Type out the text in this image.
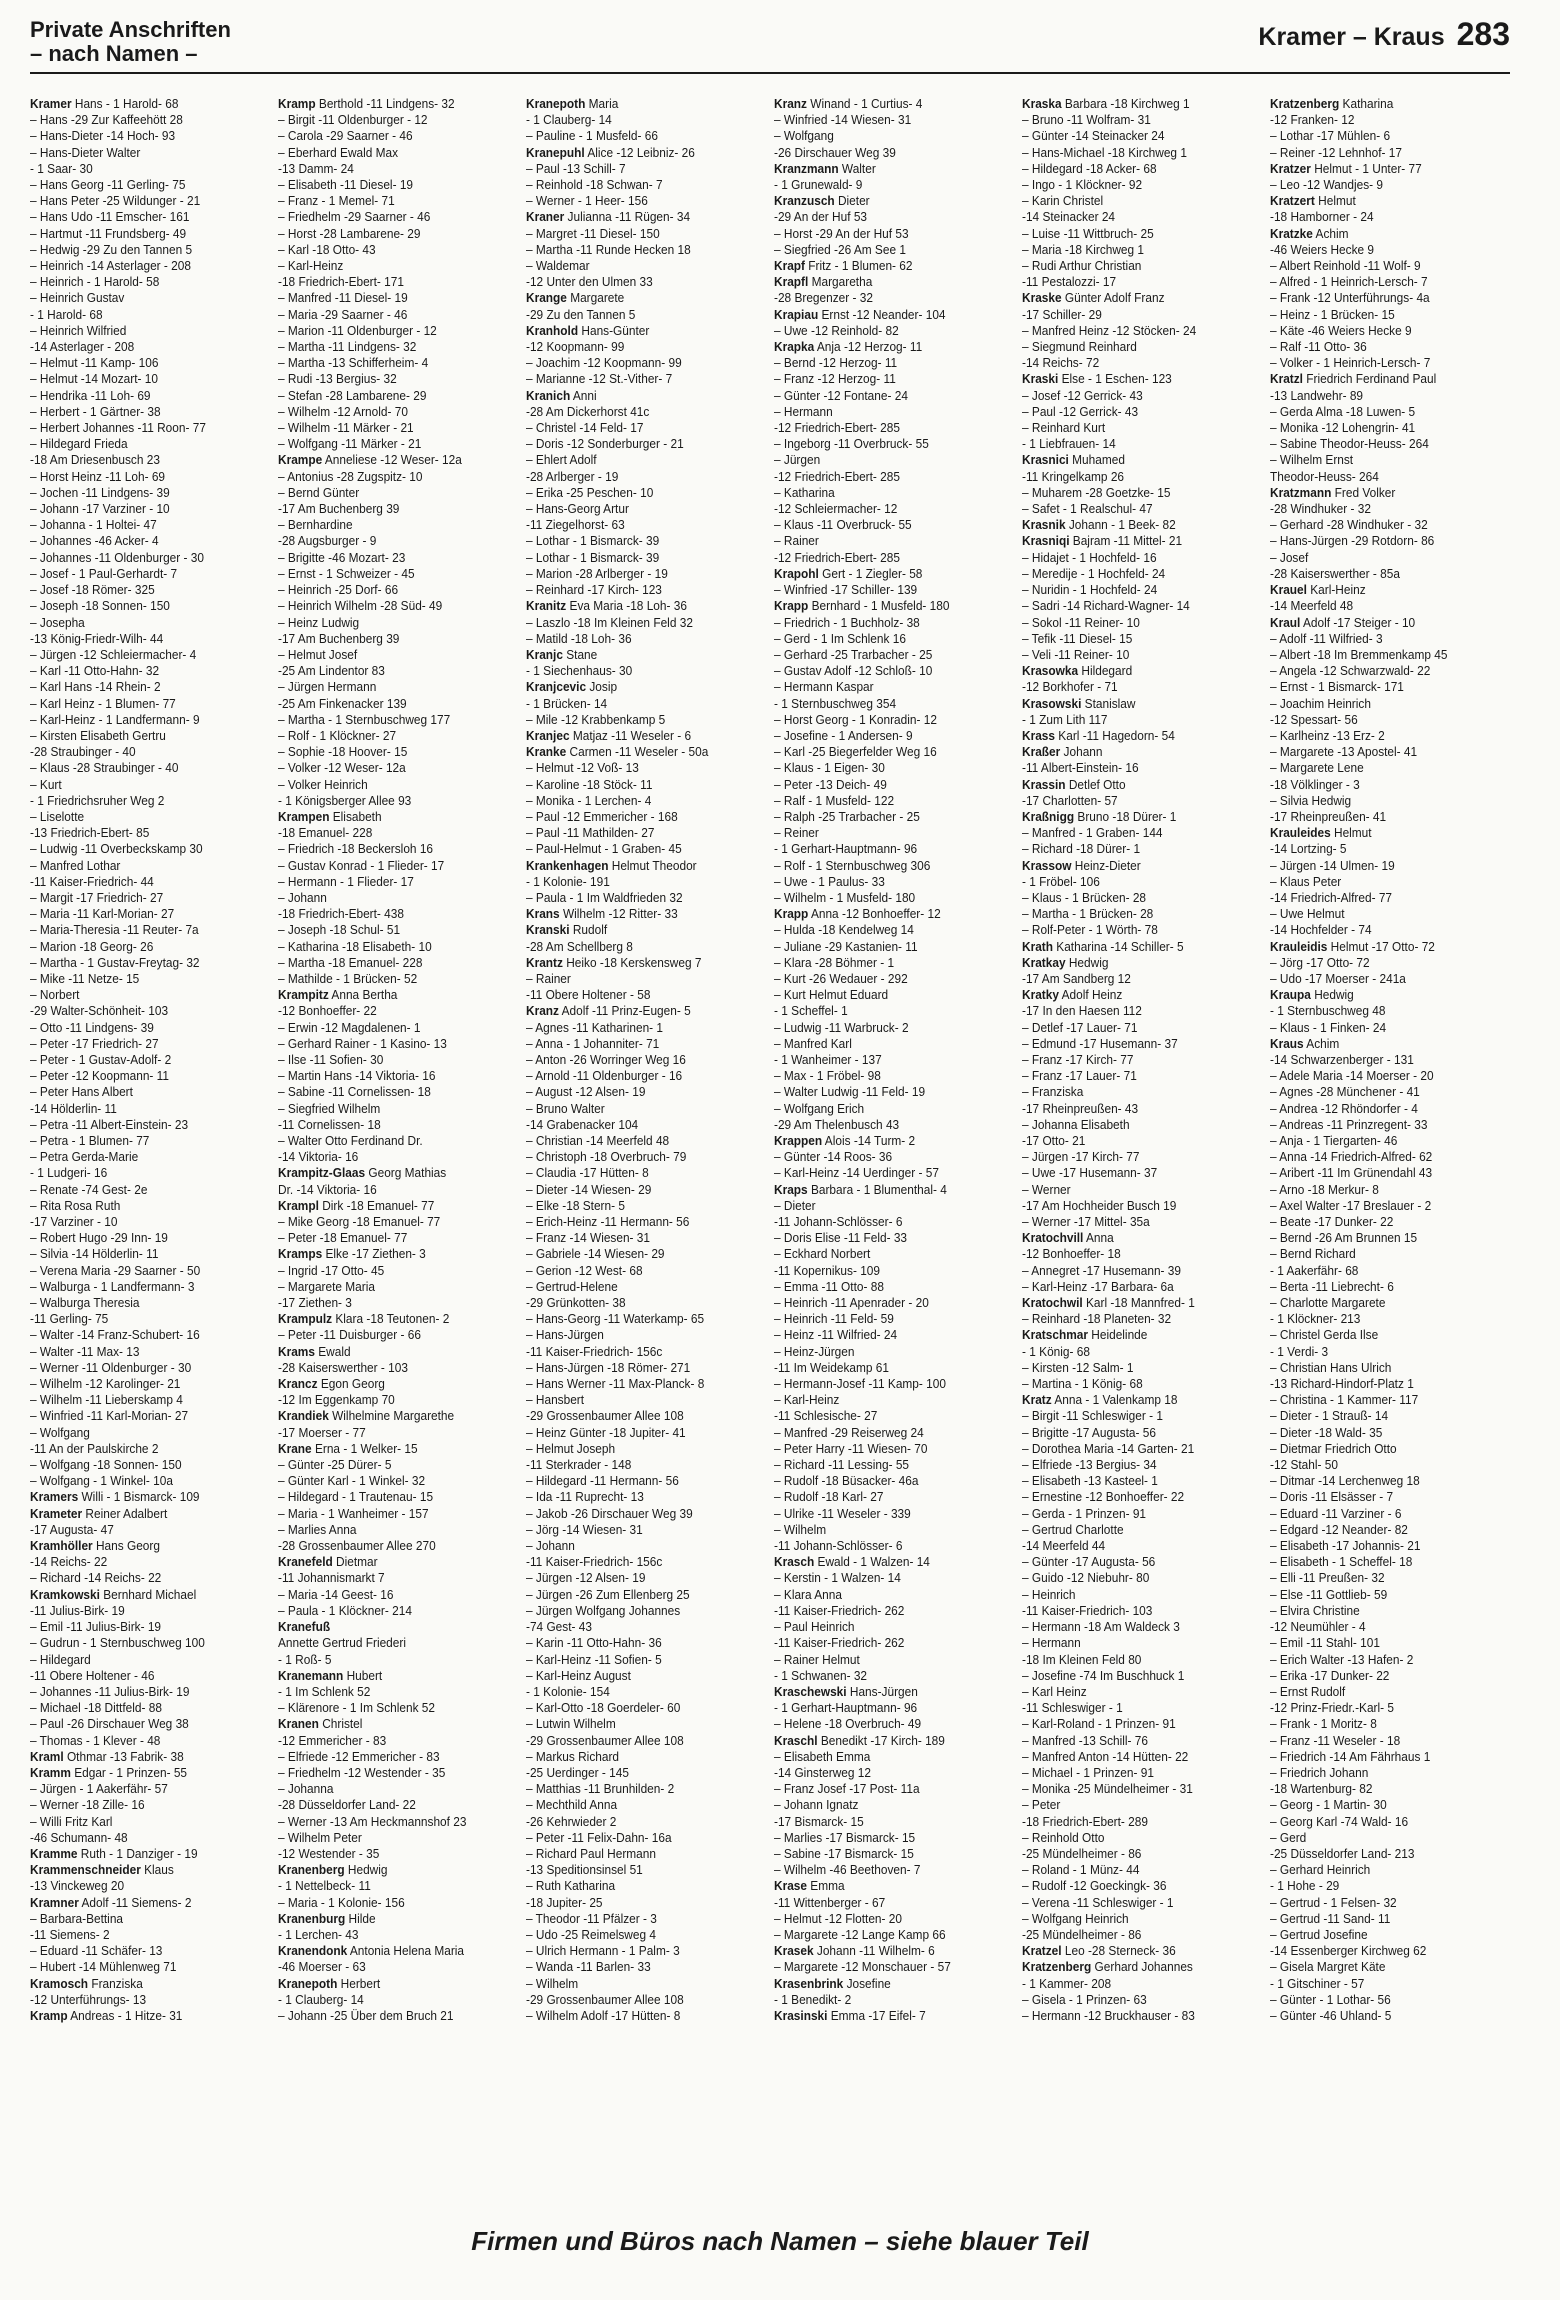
Private Anschriften
– nach Namen –
Kramer – Kraus 283
Kramer Hans - 1 Harold- 68
– Hans -29 Zur Kaffeehött 28
– Hans-Dieter -14 Hoch- 93
– Hans-Dieter Walter
- 1 Saar- 30
– Hans Georg -11 Gerling- 75
– Hans Peter -25 Wildunger - 21
– Hans Udo -11 Emscher- 161
– Hartmut -11 Frundsberg- 49
– Hedwig -29 Zu den Tannen 5
– Heinrich -14 Asterlager - 208
– Heinrich - 1 Harold- 58
– Heinrich Gustav
- 1 Harold- 68
– Heinrich Wilfried
-14 Asterlager - 208
– Helmut -11 Kamp- 106
– Helmut -14 Mozart- 10
– Hendrika -11 Loh- 69
– Herbert - 1 Gärtner- 38
– Herbert Johannes -11 Roon- 77
– Hildegard Frieda
-18 Am Driesenbusch 23
– Horst Heinz -11 Loh- 69
– Jochen -11 Lindgens- 39
– Johann -17 Varziner - 10
– Johanna - 1 Holtei- 47
– Johannes -46 Acker- 4
– Johannes -11 Oldenburger - 30
– Josef - 1 Paul-Gerhardt- 7
– Josef -18 Römer- 325
– Joseph -18 Sonnen- 150
– Josepha
-13 König-Friedr-Wilh- 44
– Jürgen -12 Schleiermacher- 4
– Karl -11 Otto-Hahn- 32
– Karl Hans -14 Rhein- 2
– Karl Heinz - 1 Blumen- 77
– Karl-Heinz - 1 Landfermann- 9
– Kirsten Elisabeth Gertru
-28 Straubinger - 40
– Klaus -28 Straubinger - 40
– Kurt
- 1 Friedrichsruher Weg 2
– Liselotte
-13 Friedrich-Ebert- 85
– Ludwig -11 Overbeckskamp 30
– Manfred Lothar
-11 Kaiser-Friedrich- 44
– Margit -17 Friedrich- 27
– Maria -11 Karl-Morian- 27
– Maria-Theresia -11 Reuter- 7a
– Marion -18 Georg- 26
– Martha - 1 Gustav-Freytag- 32
– Mike -11 Netze- 15
– Norbert
-29 Walter-Schönheit- 103
– Otto -11 Lindgens- 39
– Peter -17 Friedrich- 27
– Peter - 1 Gustav-Adolf- 2
– Peter -12 Koopmann- 11
– Peter Hans Albert
-14 Hölderlin- 11
– Petra -11 Albert-Einstein- 23
– Petra - 1 Blumen- 77
– Petra Gerda-Marie
- 1 Ludgeri- 16
– Renate -74 Gest- 2e
– Rita Rosa Ruth
-17 Varziner - 10
– Robert Hugo -29 Inn- 19
– Silvia -14 Hölderlin- 11
– Verena Maria -29 Saarner - 50
– Walburga - 1 Landfermann- 3
– Walburga Theresia
-11 Gerling- 75
– Walter -14 Franz-Schubert- 16
– Walter -11 Max- 13
– Werner -11 Oldenburger - 30
– Wilhelm -12 Karolinger- 21
– Wilhelm -11 Lieberskamp 4
– Winfried -11 Karl-Morian- 27
– Wolfgang
-11 An der Paulskirche 2
– Wolfgang -18 Sonnen- 150
– Wolfgang - 1 Winkel- 10a
Kramers Willi - 1 Bismarck- 109
Krameter Reiner Adalbert
-17 Augusta- 47
Kramhöller Hans Georg
-14 Reichs- 22
– Richard -14 Reichs- 22
Kramkowski Bernhard Michael
-11 Julius-Birk- 19
– Emil -11 Julius-Birk- 19
– Gudrun - 1 Sternbuschweg 100
– Hildegard
-11 Obere Holtener - 46
– Johannes -11 Julius-Birk- 19
– Michael -18 Dittfeld- 88
– Paul -26 Dirschauer Weg 38
– Thomas - 1 Klever - 48
Kraml Othmar -13 Fabrik- 38
Kramm Edgar - 1 Prinzen- 55
– Jürgen - 1 Aakerfähr- 57
– Werner -18 Zille- 16
– Willi Fritz Karl
-46 Schumann- 48
Kramme Ruth - 1 Danziger - 19
Krammenschneider Klaus
-13 Vinckeweg 20
Kramner Adolf -11 Siemens- 2
– Barbara-Bettina
-11 Siemens- 2
– Eduard -11 Schäfer- 13
– Hubert -14 Mühlenweg 71
Kramosch Franziska
-12 Unterführungs- 13
Kramp Andreas - 1 Hitze- 31
Kramp Berthold -11 Lindgens- 32
– Birgit -11 Oldenburger - 12
– Carola -29 Saarner - 46
– Eberhard Ewald Max
-13 Damm- 24
– Elisabeth -11 Diesel- 19
– Franz - 1 Memel- 71
– Friedhelm -29 Saarner - 46
– Horst -28 Lambarene- 29
– Karl -18 Otto- 43
– Karl-Heinz
-18 Friedrich-Ebert- 171
– Manfred -11 Diesel- 19
– Maria -29 Saarner - 46
– Marion -11 Oldenburger - 12
– Martha -11 Lindgens- 32
– Martha -13 Schifferheim- 4
– Rudi -13 Bergius- 32
– Stefan -28 Lambarene- 29
– Wilhelm -12 Arnold- 70
– Wilhelm -11 Märker - 21
– Wolfgang -11 Märker - 21
Krampe Anneliese -12 Weser- 12a
– Antonius -28 Zugspitz- 10
– Bernd Günter
-17 Am Buchenberg 39
– Bernhardine
-28 Augsburger - 9
– Brigitte -46 Mozart- 23
– Ernst - 1 Schweizer - 45
– Heinrich -25 Dorf- 66
– Heinrich Wilhelm -28 Süd- 49
– Heinz Ludwig
-17 Am Buchenberg 39
– Helmut Josef
-25 Am Lindentor 83
– Jürgen Hermann
-25 Am Finkenacker 139
– Martha - 1 Sternbuschweg 177
– Rolf - 1 Klöckner- 27
– Sophie -18 Hoover- 15
– Volker -12 Weser- 12a
– Volker Heinrich
- 1 Königsberger Allee 93
Krampen Elisabeth
-18 Emanuel- 228
– Friedrich -18 Beckersloh 16
– Gustav Konrad - 1 Flieder- 17
– Hermann - 1 Flieder- 17
– Johann
-18 Friedrich-Ebert- 438
– Joseph -18 Schul- 51
– Katharina -18 Elisabeth- 10
– Martha -18 Emanuel- 228
– Mathilde - 1 Brücken- 52
Krampitz Anna Bertha
-12 Bonhoeffer- 22
– Erwin -12 Magdalenen- 1
– Gerhard Rainer - 1 Kasino- 13
– Ilse -11 Sofien- 30
– Martin Hans -14 Viktoria- 16
– Sabine -11 Cornelissen- 18
– Siegfried Wilhelm
-11 Cornelissen- 18
– Walter Otto Ferdinand Dr.
-14 Viktoria- 16
Krampitz-Glaas Georg Mathias
Dr. -14 Viktoria- 16
Krampl Dirk -18 Emanuel- 77
– Mike Georg -18 Emanuel- 77
– Peter -18 Emanuel- 77
Kramps Elke -17 Ziethen- 3
– Ingrid -17 Otto- 45
– Margarete Maria
-17 Ziethen- 3
Krampulz Klara -18 Teutonen- 2
– Peter -11 Duisburger - 66
Krams Ewald
-28 Kaiserswerther - 103
Krancz Egon Georg
-12 Im Eggenkamp 70
Krandiek Wilhelmine Margarethe
-17 Moerser - 77
Krane Erna - 1 Welker- 15
– Günter -25 Dürer- 5
– Günter Karl - 1 Winkel- 32
– Hildegard - 1 Trautenau- 15
– Maria - 1 Wanheimer - 157
– Marlies Anna
-28 Grossenbaumer Allee 270
Kranefeld Dietmar
-11 Johannismarkt 7
– Maria -14 Geest- 16
– Paula - 1 Klöckner- 214
Kranefuß
Annette Gertrud Friederi
- 1 Roß- 5
Kranemann Hubert
- 1 Im Schlenk 52
– Klärenore - 1 Im Schlenk 52
Kranen Christel
-12 Emmericher - 83
– Elfriede -12 Emmericher - 83
– Friedhelm -12 Westender - 35
– Johanna
-28 Düsseldorfer Land- 22
– Werner -13 Am Heckmannshof 23
– Wilhelm Peter
-12 Westender - 35
Kranenberg Hedwig
- 1 Nettelbeck- 11
– Maria - 1 Kolonie- 156
Kranenburg Hilde
- 1 Lerchen- 43
Kranendonk Antonia Helena Maria
-46 Moerser - 63
Kranepoth Herbert
- 1 Clauberg- 14
– Johann -25 Über dem Bruch 21
Kranepoth Maria
- 1 Clauberg- 14
– Pauline - 1 Musfeld- 66
Kranepuhl Alice -12 Leibniz- 26
– Paul -13 Schill- 7
– Reinhold -18 Schwan- 7
– Werner - 1 Heer- 156
Kraner Julianna -11 Rügen- 34
– Margret -11 Diesel- 150
– Martha -11 Runde Hecken 18
– Waldemar
-12 Unter den Ulmen 33
Krange Margarete
-29 Zu den Tannen 5
Kranhold Hans-Günter
-12 Koopmann- 99
– Joachim -12 Koopmann- 99
– Marianne -12 St.-Vither- 7
Kranich Anni
-28 Am Dickerhorst 41c
– Christel -14 Feld- 17
– Doris -12 Sonderburger - 21
– Ehlert Adolf
-28 Arlberger - 19
– Erika -25 Peschen- 10
– Hans-Georg Artur
-11 Ziegelhorst- 63
– Lothar - 1 Bismarck- 39
– Lothar - 1 Bismarck- 39
– Marion -28 Arlberger - 19
– Reinhard -17 Kirch- 123
Kranitz Eva Maria -18 Loh- 36
– Laszlo -18 Im Kleinen Feld 32
– Matild -18 Loh- 36
Kranjc Stane
- 1 Siechenhaus- 30
Kranjcevic Josip
- 1 Brücken- 14
– Mile -12 Krabbenkamp 5
Kranjec Matjaz -11 Weseler - 6
Kranke Carmen -11 Weseler - 50a
– Helmut -12 Voß- 13
– Karoline -18 Stöck- 11
– Monika - 1 Lerchen- 4
– Paul -12 Emmericher - 168
– Paul -11 Mathilden- 27
– Paul-Helmut - 1 Graben- 45
Krankenhagen Helmut Theodor
- 1 Kolonie- 191
– Paula - 1 Im Waldfrieden 32
Krans Wilhelm -12 Ritter- 33
Kranski Rudolf
-28 Am Schellberg 8
Krantz Heiko -18 Kerskensweg 7
– Rainer
-11 Obere Holtener - 58
Kranz Adolf -11 Prinz-Eugen- 5
– Agnes -11 Katharinen- 1
– Anna - 1 Johanniter- 71
– Anton -26 Worringer Weg 16
– Arnold -11 Oldenburger - 16
– August -12 Alsen- 19
– Bruno Walter
-14 Grabenacker 104
– Christian -14 Meerfeld 48
– Christoph -18 Overbruch- 79
– Claudia -17 Hütten- 8
– Dieter -14 Wiesen- 29
– Elke -18 Stern- 5
– Erich-Heinz -11 Hermann- 56
– Franz -14 Wiesen- 31
– Gabriele -14 Wiesen- 29
– Gerion -12 West- 68
– Gertrud-Helene
-29 Grünkotten- 38
– Hans-Georg -11 Waterkamp- 65
– Hans-Jürgen
-11 Kaiser-Friedrich- 156c
– Hans-Jürgen -18 Römer- 271
– Hans Werner -11 Max-Planck- 8
– Hansbert
-29 Grossenbaumer Allee 108
– Heinz Günter -18 Jupiter- 41
– Helmut Joseph
-11 Sterkrader - 148
– Hildegard -11 Hermann- 56
– Ida -11 Ruprecht- 13
– Jakob -26 Dirschauer Weg 39
– Jörg -14 Wiesen- 31
– Johann
-11 Kaiser-Friedrich- 156c
– Jürgen -12 Alsen- 19
– Jürgen -26 Zum Ellenberg 25
– Jürgen Wolfgang Johannes
-74 Gest- 43
– Karin -11 Otto-Hahn- 36
– Karl-Heinz -11 Sofien- 5
– Karl-Heinz August
- 1 Kolonie- 154
– Karl-Otto -18 Goerdeler- 60
– Lutwin Wilhelm
-29 Grossenbaumer Allee 108
– Markus Richard
-25 Uerdinger - 145
– Matthias -11 Brunhilden- 2
– Mechthild Anna
-26 Kehrwieder 2
– Peter -11 Felix-Dahn- 16a
– Richard Paul Hermann
-13 Speditionsinsel 51
– Ruth Katharina
-18 Jupiter- 25
– Theodor -11 Pfälzer - 3
– Udo -25 Reimelsweg 4
– Ulrich Hermann - 1 Palm- 3
– Wanda -11 Barlen- 33
– Wilhelm
-29 Grossenbaumer Allee 108
– Wilhelm Adolf -17 Hütten- 8
Kranz Winand - 1 Curtius- 4
– Winfried -14 Wiesen- 31
– Wolfgang
-26 Dirschauer Weg 39
Kranzmann Walter
- 1 Grunewald- 9
Kranzusch Dieter
-29 An der Huf 53
– Horst -29 An der Huf 53
– Siegfried -26 Am See 1
Krapf Fritz - 1 Blumen- 62
Krapfl Margaretha
-28 Bregenzer - 32
Krapiau Ernst -12 Neander- 104
– Uwe -12 Reinhold- 82
Krapka Anja -12 Herzog- 11
– Bernd -12 Herzog- 11
– Franz -12 Herzog- 11
– Günter -12 Fontane- 24
– Hermann
-12 Friedrich-Ebert- 285
– Ingeborg -11 Overbruck- 55
– Jürgen
-12 Friedrich-Ebert- 285
– Katharina
-12 Schleiermacher- 12
– Klaus -11 Overbruck- 55
– Rainer
-12 Friedrich-Ebert- 285
Krapohl Gert - 1 Ziegler- 58
– Winfried -17 Schiller- 139
Krapp Bernhard - 1 Musfeld- 180
– Friedrich - 1 Buchholz- 38
– Gerd - 1 Im Schlenk 16
– Gerhard -25 Trarbacher - 25
– Gustav Adolf -12 Schloß- 10
– Hermann Kaspar
- 1 Sternbuschweg 354
– Horst Georg - 1 Konradin- 12
– Josefine - 1 Andersen- 9
– Karl -25 Biegerfelder Weg 16
– Klaus - 1 Eigen- 30
– Peter -13 Deich- 49
– Ralf - 1 Musfeld- 122
– Ralph -25 Trarbacher - 25
– Reiner
- 1 Gerhart-Hauptmann- 96
– Rolf - 1 Sternbuschweg 306
– Uwe - 1 Paulus- 33
– Wilhelm - 1 Musfeld- 180
Krapp Anna -12 Bonhoeffer- 12
– Hulda -18 Kendelweg 14
– Juliane -29 Kastanien- 11
– Klara -28 Böhmer - 1
– Kurt -26 Wedauer - 292
– Kurt Helmut Eduard
- 1 Scheffel- 1
– Ludwig -11 Warbruck- 2
– Manfred Karl
- 1 Wanheimer - 137
– Max - 1 Fröbel- 98
– Walter Ludwig -11 Feld- 19
– Wolfgang Erich
-29 Am Thelenbusch 43
Krappen Alois -14 Turm- 2
– Günter -14 Roos- 36
– Karl-Heinz -14 Uerdinger - 57
Kraps Barbara - 1 Blumenthal- 4
– Dieter
-11 Johann-Schlösser- 6
– Doris Elise -11 Feld- 33
– Eckhard Norbert
-11 Kopernikus- 109
– Emma -11 Otto- 88
– Heinrich -11 Apenrader - 20
– Heinrich -11 Feld- 59
– Heinz -11 Wilfried- 24
– Heinz-Jürgen
-11 Im Weidekamp 61
– Hermann-Josef -11 Kamp- 100
– Karl-Heinz
-11 Schlesische- 27
– Manfred -29 Reiserweg 24
– Peter Harry -11 Wiesen- 70
– Richard -11 Lessing- 55
– Rudolf -18 Büsacker- 46a
– Rudolf -18 Karl- 27
– Ulrike -11 Weseler - 339
– Wilhelm
-11 Johann-Schlösser- 6
Krasch Ewald - 1 Walzen- 14
– Kerstin - 1 Walzen- 14
– Klara Anna
-11 Kaiser-Friedrich- 262
– Paul Heinrich
-11 Kaiser-Friedrich- 262
– Rainer Helmut
- 1 Schwanen- 32
Kraschewski Hans-Jürgen
- 1 Gerhart-Hauptmann- 96
– Helene -18 Overbruch- 49
Kraschl Benedikt -17 Kirch- 189
– Elisabeth Emma
-14 Ginsterweg 12
– Franz Josef -17 Post- 11a
– Johann Ignatz
-17 Bismarck- 15
– Marlies -17 Bismarck- 15
– Sabine -17 Bismarck- 15
– Wilhelm -46 Beethoven- 7
Krase Emma
-11 Wittenberger - 67
– Helmut -12 Flotten- 20
– Margarete -12 Lange Kamp 66
Krasek Johann -11 Wilhelm- 6
– Margarete -12 Monschauer - 57
Krasenbrink Josefine
- 1 Benedikt- 2
Krasinski Emma -17 Eifel- 7
Kraska Barbara -18 Kirchweg 1
– Bruno -11 Wolfram- 31
– Günter -14 Steinacker 24
– Hans-Michael -18 Kirchweg 1
– Hildegard -18 Acker- 68
– Ingo - 1 Klöckner- 92
– Karin Christel
-14 Steinacker 24
– Luise -11 Wittbruch- 25
– Maria -18 Kirchweg 1
– Rudi Arthur Christian
-11 Pestalozzi- 17
Kraske Günter Adolf Franz
-17 Schiller- 29
– Manfred Heinz -12 Stöcken- 24
– Siegmund Reinhard
-14 Reichs- 72
Kraski Else - 1 Eschen- 123
– Josef -12 Gerrick- 43
– Paul -12 Gerrick- 43
– Reinhard Kurt
- 1 Liebfrauen- 14
Krasnici Muhamed
-11 Kringelkamp 26
– Muharem -28 Goetzke- 15
– Safet - 1 Realschul- 47
Krasnik Johann - 1 Beek- 82
Krasniqi Bajram -11 Mittel- 21
– Hidajet - 1 Hochfeld- 16
– Meredije - 1 Hochfeld- 24
– Nuridin - 1 Hochfeld- 24
– Sadri -14 Richard-Wagner- 14
– Sokol -11 Reiner- 10
– Tefik -11 Diesel- 15
– Veli -11 Reiner- 10
Krasowka Hildegard
-12 Borkhofer - 71
Krasowski Stanislaw
- 1 Zum Lith 117
Krass Karl -11 Hagedorn- 54
Kraßer Johann
-11 Albert-Einstein- 16
Krassin Detlef Otto
-17 Charlotten- 57
Kraßnigg Bruno -18 Dürer- 1
– Manfred - 1 Graben- 144
– Richard -18 Dürer- 1
Krassow Heinz-Dieter
- 1 Fröbel- 106
– Klaus - 1 Brücken- 28
– Martha - 1 Brücken- 28
– Rolf-Peter - 1 Wörth- 78
Krath Katharina -14 Schiller- 5
Kratkay Hedwig
-17 Am Sandberg 12
Kratky Adolf Heinz
-17 In den Haesen 112
– Detlef -17 Lauer- 71
– Edmund -17 Husemann- 37
– Franz -17 Kirch- 77
– Franz -17 Lauer- 71
– Franziska
-17 Rheinpreußen- 43
– Johanna Elisabeth
-17 Otto- 21
– Jürgen -17 Kirch- 77
– Uwe -17 Husemann- 37
– Werner
-17 Am Hochheider Busch 19
– Werner -17 Mittel- 35a
Kratochvill Anna
-12 Bonhoeffer- 18
– Annegret -17 Husemann- 39
– Karl-Heinz -17 Barbara- 6a
Kratochwil Karl -18 Mannfred- 1
– Reinhard -18 Planeten- 32
Kratschmar Heidelinde
- 1 König- 68
– Kirsten -12 Salm- 1
– Martina - 1 König- 68
Kratz Anna - 1 Valenkamp 18
– Birgit -11 Schleswiger - 1
– Brigitte -17 Augusta- 56
– Dorothea Maria -14 Garten- 21
– Elfriede -13 Bergius- 34
– Elisabeth -13 Kasteel- 1
– Ernestine -12 Bonhoeffer- 22
– Gerda - 1 Prinzen- 91
– Gertrud Charlotte
-14 Meerfeld 44
– Günter -17 Augusta- 56
– Guido -12 Niebuhr- 80
– Heinrich
-11 Kaiser-Friedrich- 103
– Hermann -18 Am Waldeck 3
– Hermann
-18 Im Kleinen Feld 80
– Josefine -74 Im Buschhuck 1
– Karl Heinz
-11 Schleswiger - 1
– Karl-Roland - 1 Prinzen- 91
– Manfred -13 Schill- 76
– Manfred Anton -14 Hütten- 22
– Michael - 1 Prinzen- 91
– Monika -25 Mündelheimer - 31
– Peter
-18 Friedrich-Ebert- 289
– Reinhold Otto
-25 Mündelheimer - 86
– Roland - 1 Münz- 44
– Rudolf -12 Goeckingk- 36
– Verena -11 Schleswiger - 1
– Wolfgang Heinrich
-25 Mündelheimer - 86
Kratzel Leo -28 Sterneck- 36
Kratzenberg Gerhard Johannes
- 1 Kammer- 208
– Gisela - 1 Prinzen- 63
– Hermann -12 Bruckhauser - 83
Kratzenberg Katharina
-12 Franken- 12
– Lothar -17 Mühlen- 6
– Reiner -12 Lehnhof- 17
Kratzer Helmut - 1 Unter- 77
– Leo -12 Wandjes- 9
Kratzert Helmut
-18 Hamborner - 24
Kratzke Achim
-46 Weiers Hecke 9
– Albert Reinhold -11 Wolf- 9
– Alfred - 1 Heinrich-Lersch- 7
– Frank -12 Unterführungs- 4a
– Heinz - 1 Brücken- 15
– Käte -46 Weiers Hecke 9
– Ralf -11 Otto- 36
– Volker - 1 Heinrich-Lersch- 7
Kratzl Friedrich Ferdinand Paul
-13 Landwehr- 89
– Gerda Alma -18 Luwen- 5
– Monika -12 Lohengrin- 41
– Sabine Theodor-Heuss- 264
– Wilhelm Ernst
Theodor-Heuss- 264
Kratzmann Fred Volker
-28 Windhuker - 32
– Gerhard -28 Windhuker - 32
– Hans-Jürgen -29 Rotdorn- 86
– Josef
-28 Kaiserswerther - 85a
Krauel Karl-Heinz
-14 Meerfeld 48
Kraul Adolf -17 Steiger - 10
– Adolf -11 Wilfried- 3
– Albert -18 Im Bremmenkamp 45
– Angela -12 Schwarzwald- 22
– Ernst - 1 Bismarck- 171
– Joachim Heinrich
-12 Spessart- 56
– Karlheinz -13 Erz- 2
– Margarete -13 Apostel- 41
– Margarete Lene
-18 Völklinger - 3
– Silvia Hedwig
-17 Rheinpreußen- 41
Krauleides Helmut
-14 Lortzing- 5
– Jürgen -14 Ulmen- 19
– Klaus Peter
-14 Friedrich-Alfred- 77
– Uwe Helmut
-14 Hochfelder - 74
Krauleidis Helmut -17 Otto- 72
– Jörg -17 Otto- 72
– Udo -17 Moerser - 241a
Kraupa Hedwig
- 1 Sternbuschweg 48
– Klaus - 1 Finken- 24
Kraus Achim
-14 Schwarzenberger - 131
– Adele Maria -14 Moerser - 20
– Agnes -28 Münchener - 41
– Andrea -12 Rhöndorfer - 4
– Andreas -11 Prinzregent- 33
– Anja - 1 Tiergarten- 46
– Anna -14 Friedrich-Alfred- 62
– Aribert -11 Im Grünendahl 43
– Arno -18 Merkur- 8
– Axel Walter -17 Breslauer - 2
– Beate -17 Dunker- 22
– Bernd -26 Am Brunnen 15
– Bernd Richard
- 1 Aakerfähr- 68
– Berta -11 Liebrecht- 6
– Charlotte Margarete
- 1 Klöckner- 213
– Christel Gerda Ilse
- 1 Verdi- 3
– Christian Hans Ulrich
-13 Richard-Hindorf-Platz 1
– Christina - 1 Kammer- 117
– Dieter - 1 Strauß- 14
– Dieter -18 Wald- 35
– Dietmar Friedrich Otto
-12 Stahl- 50
– Ditmar -14 Lerchenweg 18
– Doris -11 Elsässer - 7
– Eduard -11 Varziner - 6
– Edgard -12 Neander- 82
– Elisabeth -17 Johannis- 21
– Elisabeth - 1 Scheffel- 18
– Elli -11 Preußen- 32
– Else -11 Gottlieb- 59
– Elvira Christine
-12 Neumühler - 4
– Emil -11 Stahl- 101
– Erich Walter -13 Hafen- 2
– Erika -17 Dunker- 22
– Ernst Rudolf
-12 Prinz-Friedr.-Karl- 5
– Frank - 1 Moritz- 8
– Franz -11 Weseler - 18
– Friedrich -14 Am Fährhaus 1
– Friedrich Johann
-18 Wartenburg- 82
– Georg - 1 Martin- 30
– Georg Karl -74 Wald- 16
– Gerd
-25 Düsseldorfer Land- 213
– Gerhard Heinrich
- 1 Hohe - 29
– Gertrud - 1 Felsen- 32
– Gertrud -11 Sand- 11
– Gertrud Josefine
-14 Essenberger Kirchweg 62
– Gisela Margret Käte
- 1 Gitschiner - 57
– Günter - 1 Lothar- 56
– Günter -46 Uhland- 5
Firmen und Büros nach Namen – siehe blauer Teil
